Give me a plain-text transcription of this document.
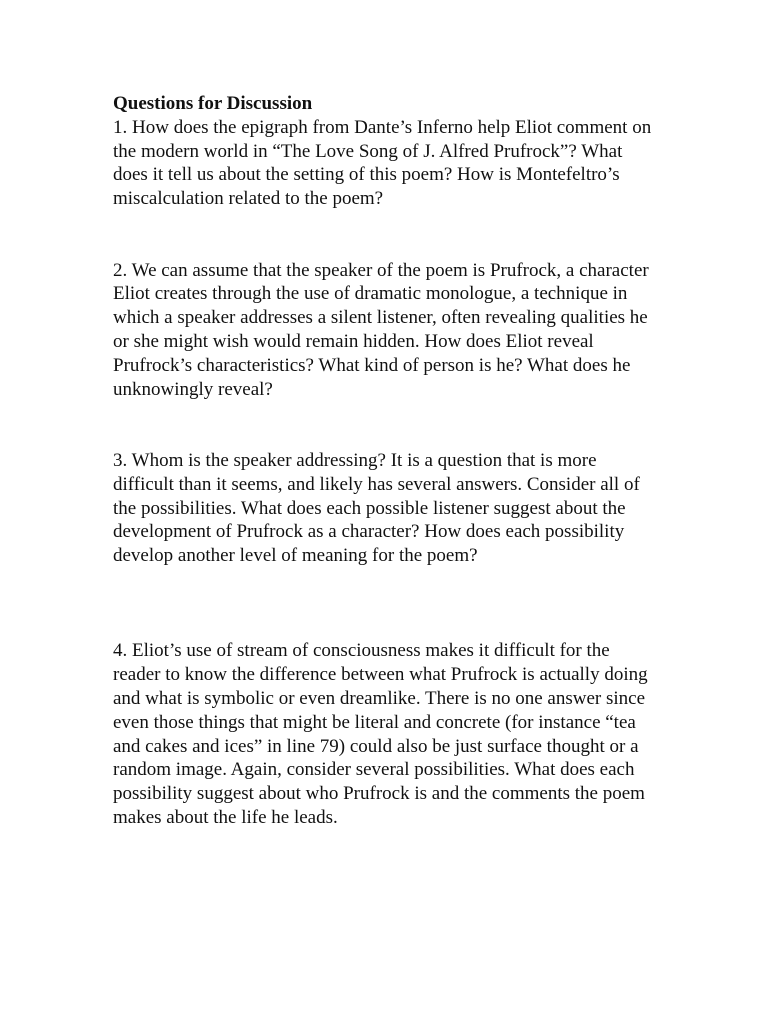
Questions for Discussion

1. How does the epigraph from Dante’s Inferno help Eliot comment on the modern world in “The Love Song of J. Alfred Prufrock”? What does it tell us about the setting of this poem? How is Montefeltro’s miscalculation related to the poem?

2. We can assume that the speaker of the poem is Prufrock, a character Eliot creates through the use of dramatic monologue, a technique in which a speaker addresses a silent listener, often revealing qualities he or she might wish would remain hidden. How does Eliot reveal Prufrock’s characteristics? What kind of person is he? What does he unknowingly reveal?

3. Whom is the speaker addressing? It is a question that is more difficult than it seems, and likely has several answers. Consider all of the possibilities. What does each possible listener suggest about the development of Prufrock as a character? How does each possibility develop another level of meaning for the poem?

4. Eliot’s use of stream of consciousness makes it difficult for the reader to know the difference between what Prufrock is actually doing and what is symbolic or even dreamlike. There is no one answer since even those things that might be literal and concrete (for instance “tea and cakes and ices” in line 79) could also be just surface thought or a random image. Again, consider several possibilities. What does each possibility suggest about who Prufrock is and the comments the poem makes about the life he leads.
